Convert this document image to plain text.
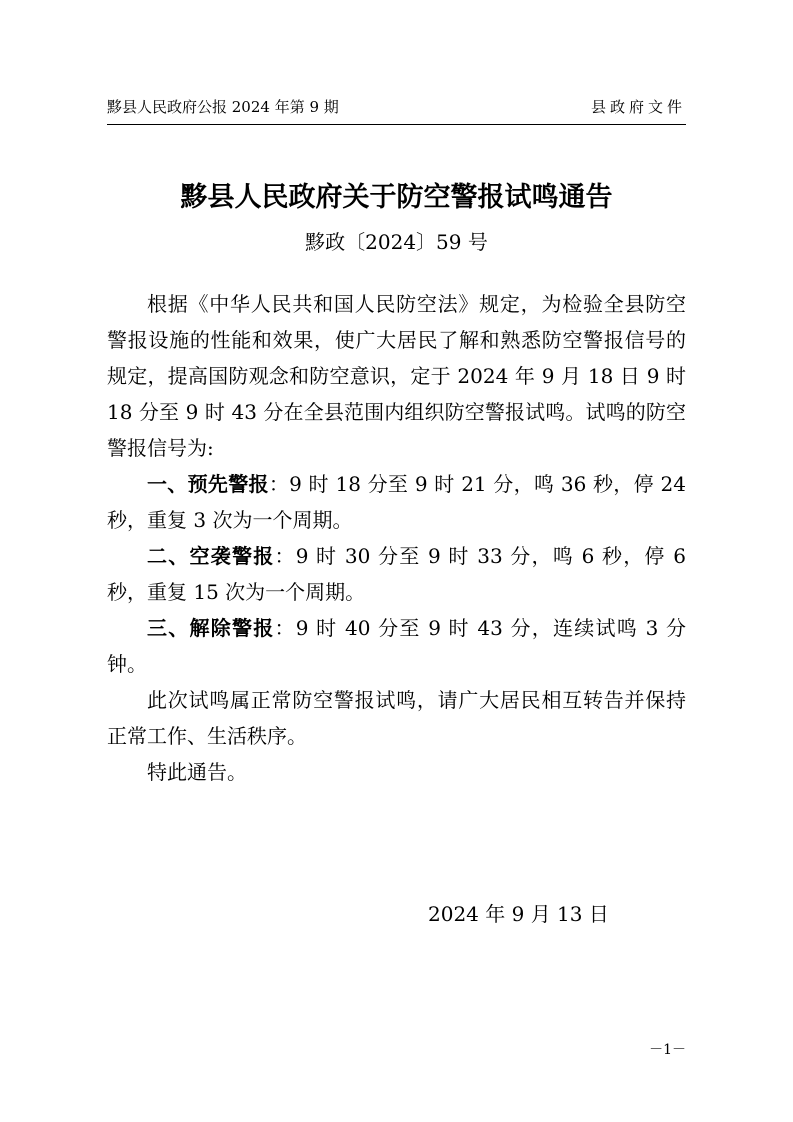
黟县人民政府公报 2024 年第 9 期	县政府文件
黟县人民政府关于防空警报试鸣通告
黟政〔2024〕59 号

根据《中华人民共和国人民防空法》规定，为检验全县防空警报设施的性能和效果，使广大居民了解和熟悉防空警报信号的规定，提高国防观念和防空意识，定于 2024 年 9 月 18 日 9 时 18 分至 9 时 43 分在全县范围内组织防空警报试鸣。试鸣的防空警报信号为:

一、预先警报：9 时 18 分至 9 时 21 分，鸣 36 秒，停 24 秒，重复 3 次为一个周期。

二、空袭警报：9 时 30 分至 9 时 33 分，鸣 6 秒，停 6 秒，重复 15 次为一个周期。

三、解除警报：9 时 40 分至 9 时 43 分，连续试鸣 3 分钟。

此次试鸣属正常防空警报试鸣，请广大居民相互转告并保持正常工作、生活秩序。

特此通告。

2024 年 9 月 13 日
－1－
